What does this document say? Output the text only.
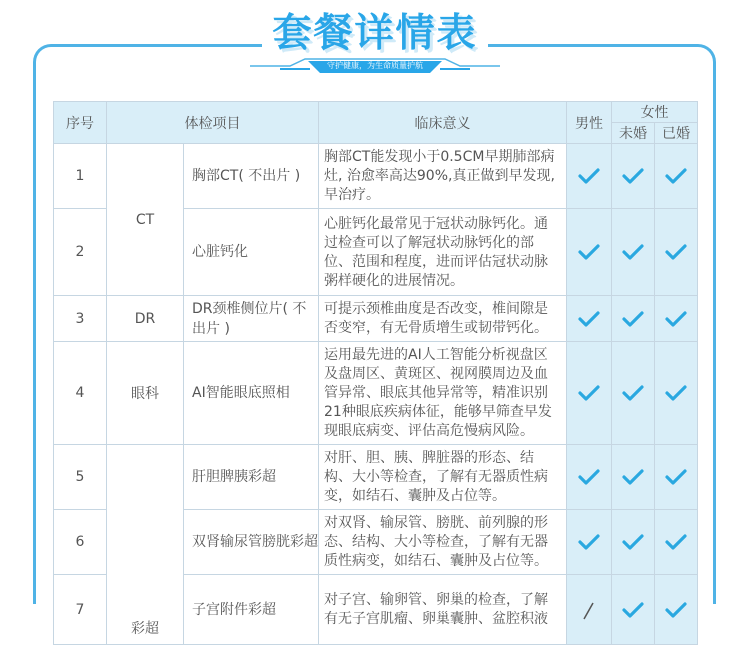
套餐详情表
守护健康，为生命质量护航
序号	体检项目		临床意义	男性	女性	
					未婚	已婚
1	CT	胸部CT( 不出片 )	胸部CT能发现小于0.5CM早期肺部病灶, 治愈率高达90%,真正做到早发现, 早治疗。	

2		心脏钙化	心脏钙化最常见于冠状动脉钙化。通过检查可以了解冠状动脉钙化的部位、范围和程度，进而评估冠状动脉粥样硬化的进展情况。	

3	DR	DR颈椎侧位片( 不出片 )	可提示颈椎曲度是否改变，椎间隙是否变窄，有无骨质增生或韧带钙化。	

4	眼科	AI智能眼底照相	运用最先进的AI人工智能分析视盘区及盘周区、黄斑区、视网膜周边及血管异常、眼底其他异常等，精准识别21种眼底疾病体征，能够早筛查早发现眼底病变、评估高危慢病风险。	

5	彩超	肝胆脾胰彩超	对肝、胆、胰、脾脏器的形态、结构、大小等检查，了解有无器质性病变，如结石、囊肿及占位等。	

6		双肾输尿管膀胱彩超	对双肾、输尿管、膀胱、前列腺的形态、结构、大小等检查，了解有无器质性病变，如结石、囊肿及占位等。	

7		子宫附件彩超	对子宫、输卵管、卵巢的检查，了解有无子宫肌瘤、卵巢囊肿、盆腔积液	
